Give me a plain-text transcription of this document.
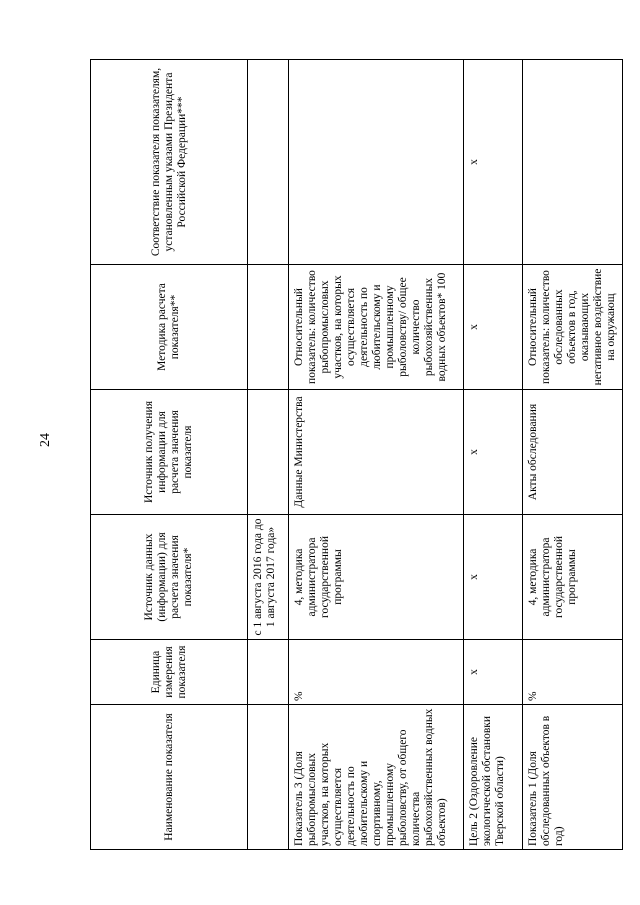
24
Наименование показателя	Единица измерения показателя	Источник данных (информации) для расчета значения показателя*	Источник получения информации для расчета значения показателя	Методика расчета показателя**	Соответствие показателя показателям, установленным указами Президента Российской Федерации***
		с 1 августа 2016 года до 1 августа 2017 года»			
Показатель 3 (Доля рыбопромысловых участков, на которых осуществляется деятельность по любительскому и спортивному, промышленному рыболовству, от общего количества рыбохозяйственных водных объектов)	%	4, методика администратора государственной программы	Данные Министерства	Относительный показатель: количество рыбопромысловых участков, на которых осуществляется деятельность по любительскому и промышленному рыболовству/ общее количество рыбохозяйственных водных объектов* 100	
Цель 2 (Оздоровление экологической обстановки Тверской области)	х	х	х	х	х
Показатель 1 (Доля обследованных объектов в год)	%	4, методика администратора государственной программы	Акты обследования	Относительный показатель: количество обследованных объектов в год, оказывающих негативное воздействие на окружающ	
